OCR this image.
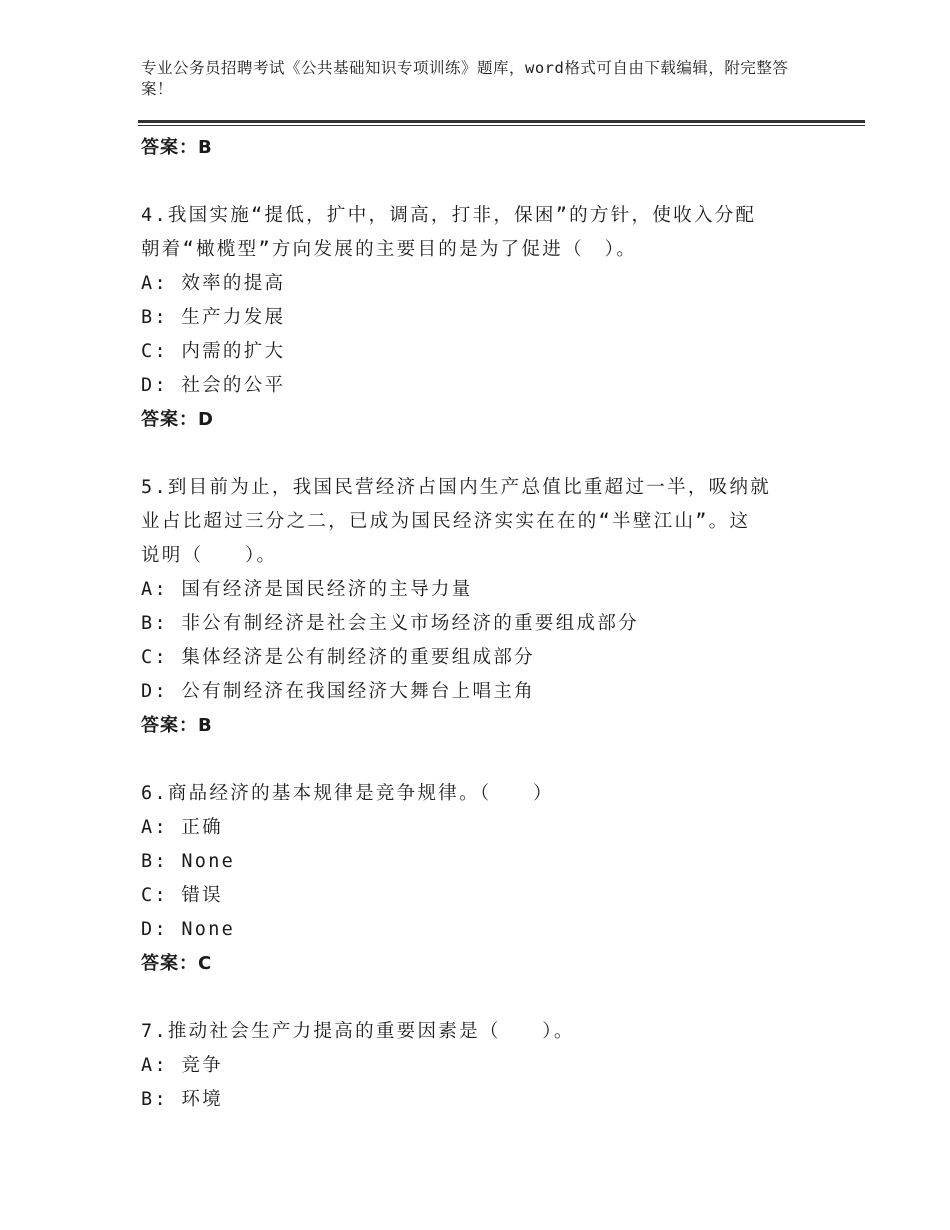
专业公务员招聘考试《公共基础知识专项训练》题库，word格式可自由下载编辑，附完整答案！
答案：B
4.我国实施“提低，扩中，调高，打非，保困”的方针，使收入分配
朝着“橄榄型”方向发展的主要目的是为了促进（　）。
A: 效率的提高
B: 生产力发展
C: 内需的扩大
D: 社会的公平
答案：D
5.到目前为止，我国民营经济占国内生产总值比重超过一半，吸纳就
业占比超过三分之二，已成为国民经济实实在在的“半壁江山”。这
说明（　　）。
A: 国有经济是国民经济的主导力量
B: 非公有制经济是社会主义市场经济的重要组成部分
C: 集体经济是公有制经济的重要组成部分
D: 公有制经济在我国经济大舞台上唱主角
答案：B
6.商品经济的基本规律是竞争规律。（　　）
A: 正确
B: None
C: 错误
D: None
答案：C
7.推动社会生产力提高的重要因素是（　　）。
A: 竞争
B: 环境
